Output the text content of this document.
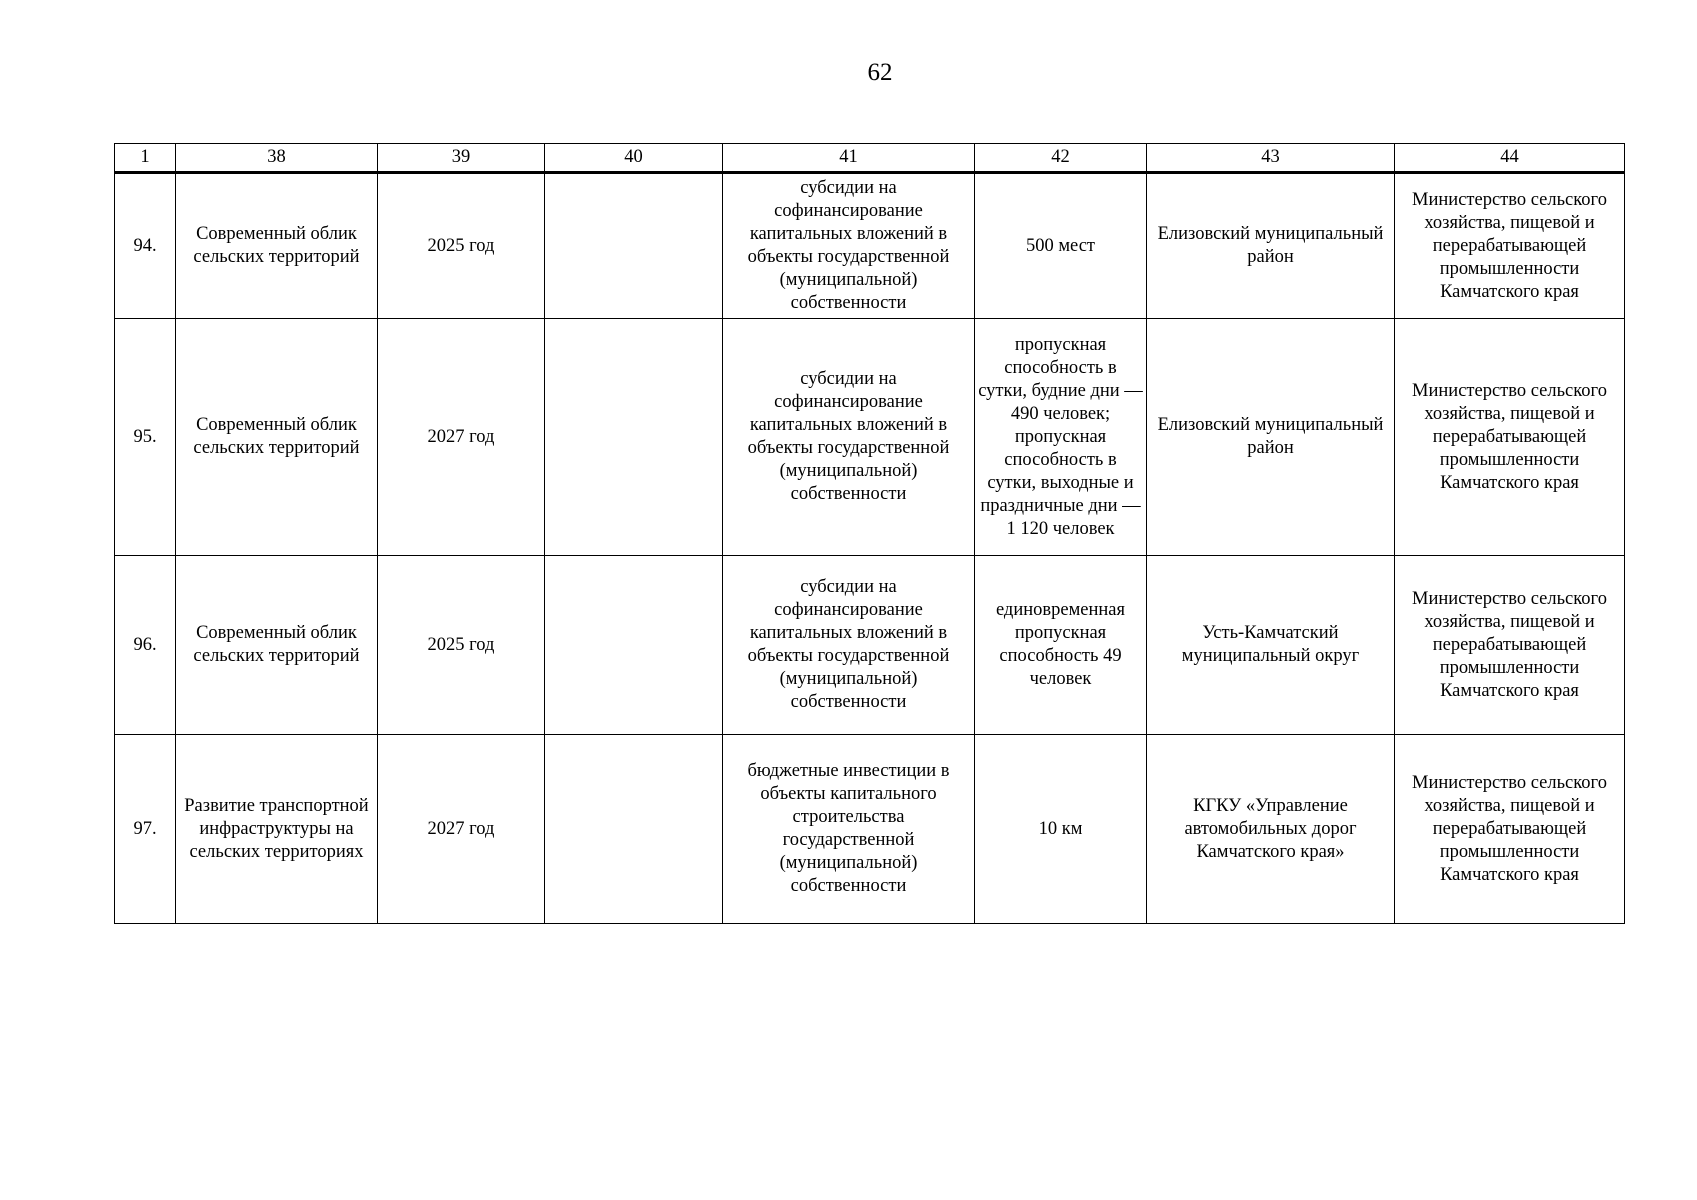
62
1	38	39	40	41	42	43	44
94.	Современный облик сельских территорий	2025 год		субсидии на софинансирование капитальных вложений в объекты государственной (муниципальной) собственности	500 мест	Елизовский муниципальный район	Министерство сельского хозяйства, пищевой и перерабатывающей промышленности Камчатского края
95.	Современный облик сельских территорий	2027 год		субсидии на софинансирование капитальных вложений в объекты государственной (муниципальной) собственности	пропускная способность в сутки, будние дни — 490 человек; пропускная способность в сутки, выходные и праздничные дни — 1 120 человек	Елизовский муниципальный район	Министерство сельского хозяйства, пищевой и перерабатывающей промышленности Камчатского края
96.	Современный облик сельских территорий	2025 год		субсидии на софинансирование капитальных вложений в объекты государственной (муниципальной) собственности	единовременная пропускная способность 49 человек	Усть-Камчатский муниципальный округ	Министерство сельского хозяйства, пищевой и перерабатывающей промышленности Камчатского края
97.	Развитие транспортной инфраструктуры на сельских территориях	2027 год		бюджетные инвестиции в объекты капитального строительства государственной (муниципальной) собственности	10 км	КГКУ «Управление автомобильных дорог Камчатского края»	Министерство сельского хозяйства, пищевой и перерабатывающей промышленности Камчатского края
